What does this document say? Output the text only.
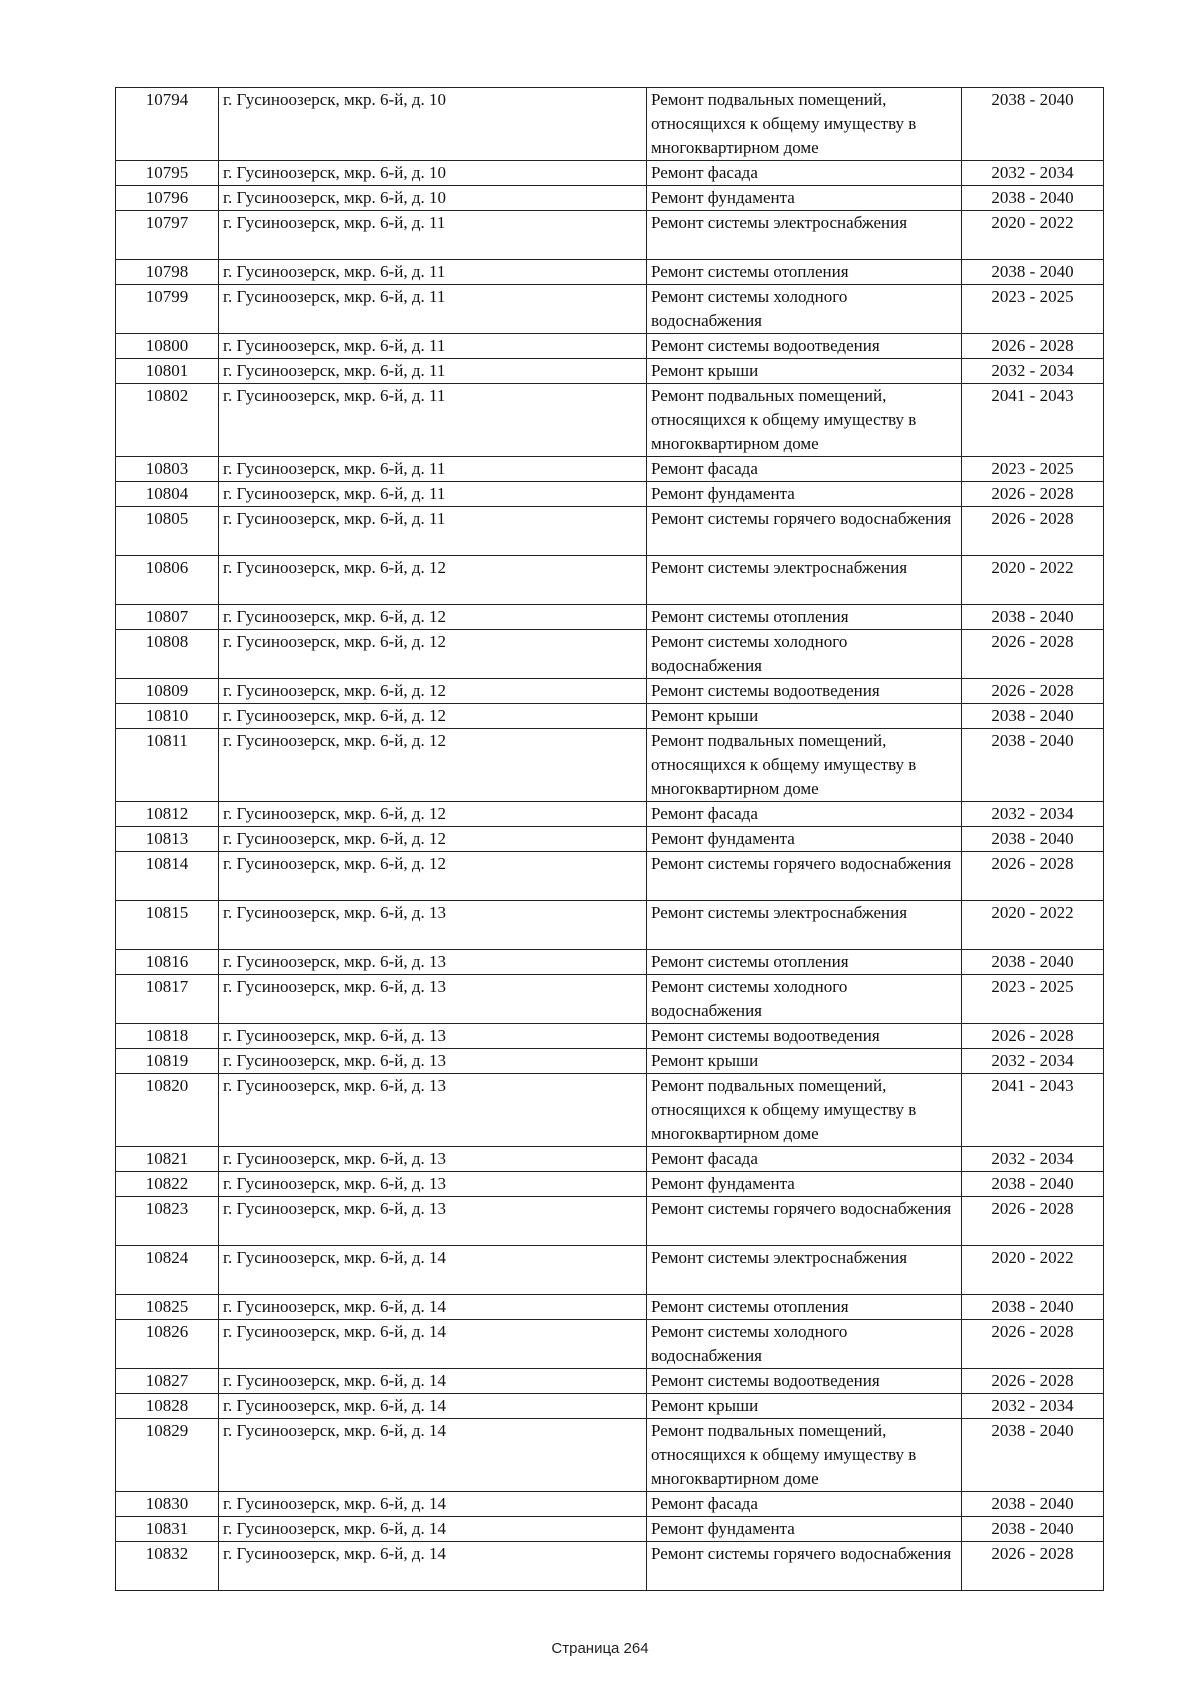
10794	г. Гусиноозерск, мкр. 6-й, д. 10	Ремонт подвальных помещений, относящихся к общему имуществу в многоквартирном доме	2038 - 2040
10795	г. Гусиноозерск, мкр. 6-й, д. 10	Ремонт фасада	2032 - 2034
10796	г. Гусиноозерск, мкр. 6-й, д. 10	Ремонт фундамента	2038 - 2040
10797	г. Гусиноозерск, мкр. 6-й, д. 11	Ремонт системы электроснабжения	2020 - 2022
10798	г. Гусиноозерск, мкр. 6-й, д. 11	Ремонт системы отопления	2038 - 2040
10799	г. Гусиноозерск, мкр. 6-й, д. 11	Ремонт системы холодного водоснабжения	2023 - 2025
10800	г. Гусиноозерск, мкр. 6-й, д. 11	Ремонт системы водоотведения	2026 - 2028
10801	г. Гусиноозерск, мкр. 6-й, д. 11	Ремонт крыши	2032 - 2034
10802	г. Гусиноозерск, мкр. 6-й, д. 11	Ремонт подвальных помещений, относящихся к общему имуществу в многоквартирном доме	2041 - 2043
10803	г. Гусиноозерск, мкр. 6-й, д. 11	Ремонт фасада	2023 - 2025
10804	г. Гусиноозерск, мкр. 6-й, д. 11	Ремонт фундамента	2026 - 2028
10805	г. Гусиноозерск, мкр. 6-й, д. 11	Ремонт системы горячего водоснабжения	2026 - 2028
10806	г. Гусиноозерск, мкр. 6-й, д. 12	Ремонт системы электроснабжения	2020 - 2022
10807	г. Гусиноозерск, мкр. 6-й, д. 12	Ремонт системы отопления	2038 - 2040
10808	г. Гусиноозерск, мкр. 6-й, д. 12	Ремонт системы холодного водоснабжения	2026 - 2028
10809	г. Гусиноозерск, мкр. 6-й, д. 12	Ремонт системы водоотведения	2026 - 2028
10810	г. Гусиноозерск, мкр. 6-й, д. 12	Ремонт крыши	2038 - 2040
10811	г. Гусиноозерск, мкр. 6-й, д. 12	Ремонт подвальных помещений, относящихся к общему имуществу в многоквартирном доме	2038 - 2040
10812	г. Гусиноозерск, мкр. 6-й, д. 12	Ремонт фасада	2032 - 2034
10813	г. Гусиноозерск, мкр. 6-й, д. 12	Ремонт фундамента	2038 - 2040
10814	г. Гусиноозерск, мкр. 6-й, д. 12	Ремонт системы горячего водоснабжения	2026 - 2028
10815	г. Гусиноозерск, мкр. 6-й, д. 13	Ремонт системы электроснабжения	2020 - 2022
10816	г. Гусиноозерск, мкр. 6-й, д. 13	Ремонт системы отопления	2038 - 2040
10817	г. Гусиноозерск, мкр. 6-й, д. 13	Ремонт системы холодного водоснабжения	2023 - 2025
10818	г. Гусиноозерск, мкр. 6-й, д. 13	Ремонт системы водоотведения	2026 - 2028
10819	г. Гусиноозерск, мкр. 6-й, д. 13	Ремонт крыши	2032 - 2034
10820	г. Гусиноозерск, мкр. 6-й, д. 13	Ремонт подвальных помещений, относящихся к общему имуществу в многоквартирном доме	2041 - 2043
10821	г. Гусиноозерск, мкр. 6-й, д. 13	Ремонт фасада	2032 - 2034
10822	г. Гусиноозерск, мкр. 6-й, д. 13	Ремонт фундамента	2038 - 2040
10823	г. Гусиноозерск, мкр. 6-й, д. 13	Ремонт системы горячего водоснабжения	2026 - 2028
10824	г. Гусиноозерск, мкр. 6-й, д. 14	Ремонт системы электроснабжения	2020 - 2022
10825	г. Гусиноозерск, мкр. 6-й, д. 14	Ремонт системы отопления	2038 - 2040
10826	г. Гусиноозерск, мкр. 6-й, д. 14	Ремонт системы холодного водоснабжения	2026 - 2028
10827	г. Гусиноозерск, мкр. 6-й, д. 14	Ремонт системы водоотведения	2026 - 2028
10828	г. Гусиноозерск, мкр. 6-й, д. 14	Ремонт крыши	2032 - 2034
10829	г. Гусиноозерск, мкр. 6-й, д. 14	Ремонт подвальных помещений, относящихся к общему имуществу в многоквартирном доме	2038 - 2040
10830	г. Гусиноозерск, мкр. 6-й, д. 14	Ремонт фасада	2038 - 2040
10831	г. Гусиноозерск, мкр. 6-й, д. 14	Ремонт фундамента	2038 - 2040
10832	г. Гусиноозерск, мкр. 6-й, д. 14	Ремонт системы горячего водоснабжения	2026 - 2028
Страница 264
